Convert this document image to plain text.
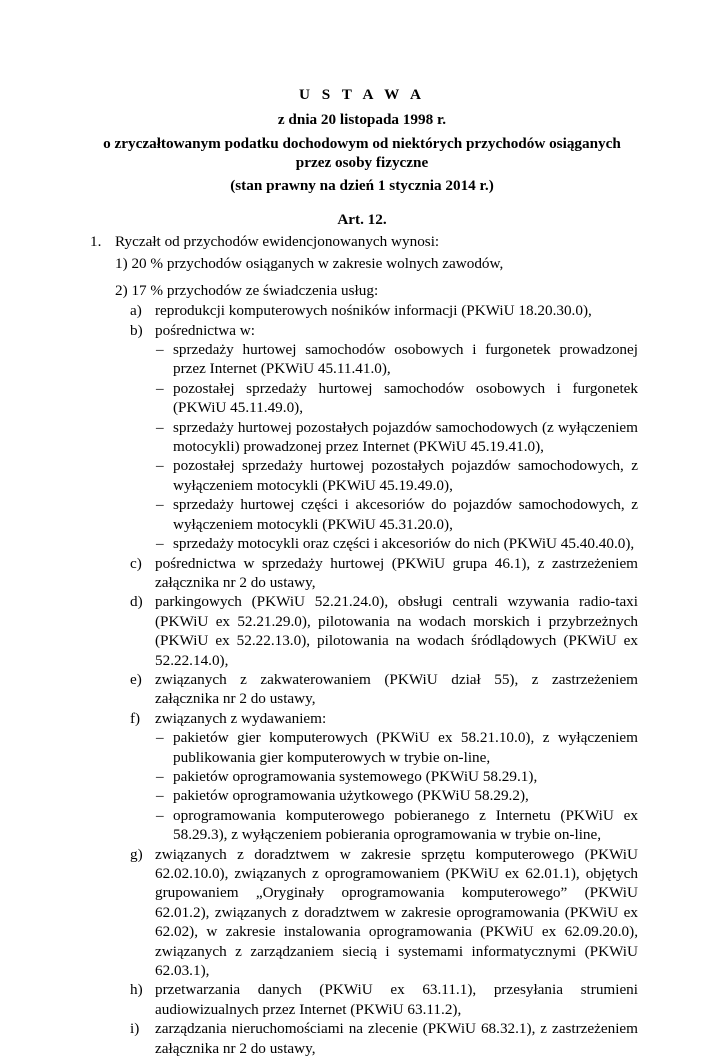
U S T A W A

z dnia 20 listopada 1998 r.

o zryczałtowanym podatku dochodowym od niektórych przychodów osiąganych przez osoby fizyczne

(stan prawny na dzień 1 stycznia 2014 r.)

Art. 12.

1. Ryczałt od przychodów ewidencjonowanych wynosi:
1) 20 % przychodów osiąganych w zakresie wolnych zawodów,
2) 17 % przychodów ze świadczenia usług:
a) reprodukcji komputerowych nośników informacji (PKWiU 18.20.30.0),
b) pośrednictwa w:
– sprzedaży hurtowej samochodów osobowych i furgonetek prowadzonej przez Internet (PKWiU 45.11.41.0),
– pozostałej sprzedaży hurtowej samochodów osobowych i furgonetek (PKWiU 45.11.49.0),
– sprzedaży hurtowej pozostałych pojazdów samochodowych (z wyłączeniem motocykli) prowadzonej przez Internet (PKWiU 45.19.41.0),
– pozostałej sprzedaży hurtowej pozostałych pojazdów samochodowych, z wyłączeniem motocykli (PKWiU 45.19.49.0),
– sprzedaży hurtowej części i akcesoriów do pojazdów samochodowych, z wyłączeniem motocykli (PKWiU 45.31.20.0),
– sprzedaży motocykli oraz części i akcesoriów do nich (PKWiU 45.40.40.0),
c) pośrednictwa w sprzedaży hurtowej (PKWiU grupa 46.1), z zastrzeżeniem załącznika nr 2 do ustawy,
d) parkingowych (PKWiU 52.21.24.0), obsługi centrali wzywania radio-taxi (PKWiU ex 52.21.29.0), pilotowania na wodach morskich i przybrzeżnych (PKWiU ex 52.22.13.0), pilotowania na wodach śródlądowych (PKWiU ex 52.22.14.0),
e) związanych z zakwaterowaniem (PKWiU dział 55), z zastrzeżeniem załącznika nr 2 do ustawy,
f) związanych z wydawaniem:
– pakietów gier komputerowych (PKWiU ex 58.21.10.0), z wyłączeniem publikowania gier komputerowych w trybie on-line,
– pakietów oprogramowania systemowego (PKWiU 58.29.1),
– pakietów oprogramowania użytkowego (PKWiU 58.29.2),
– oprogramowania komputerowego pobieranego z Internetu (PKWiU ex 58.29.3), z wyłączeniem pobierania oprogramowania w trybie on-line,
g) związanych z doradztwem w zakresie sprzętu komputerowego (PKWiU 62.02.10.0), związanych z oprogramowaniem (PKWiU ex 62.01.1), objętych grupowaniem „Oryginały oprogramowania komputerowego” (PKWiU 62.01.2), związanych z doradztwem w zakresie oprogramowania (PKWiU ex 62.02), w zakresie instalowania oprogramowania (PKWiU ex 62.09.20.0), związanych z zarządzaniem siecią i systemami informatycznymi (PKWiU 62.03.1),
h) przetwarzania danych (PKWiU ex 63.11.1), przesyłania strumieni audiowizualnych przez Internet (PKWiU 63.11.2),
i) zarządzania nieruchomościami na zlecenie (PKWiU 68.32.1), z zastrzeżeniem załącznika nr 2 do ustawy,
